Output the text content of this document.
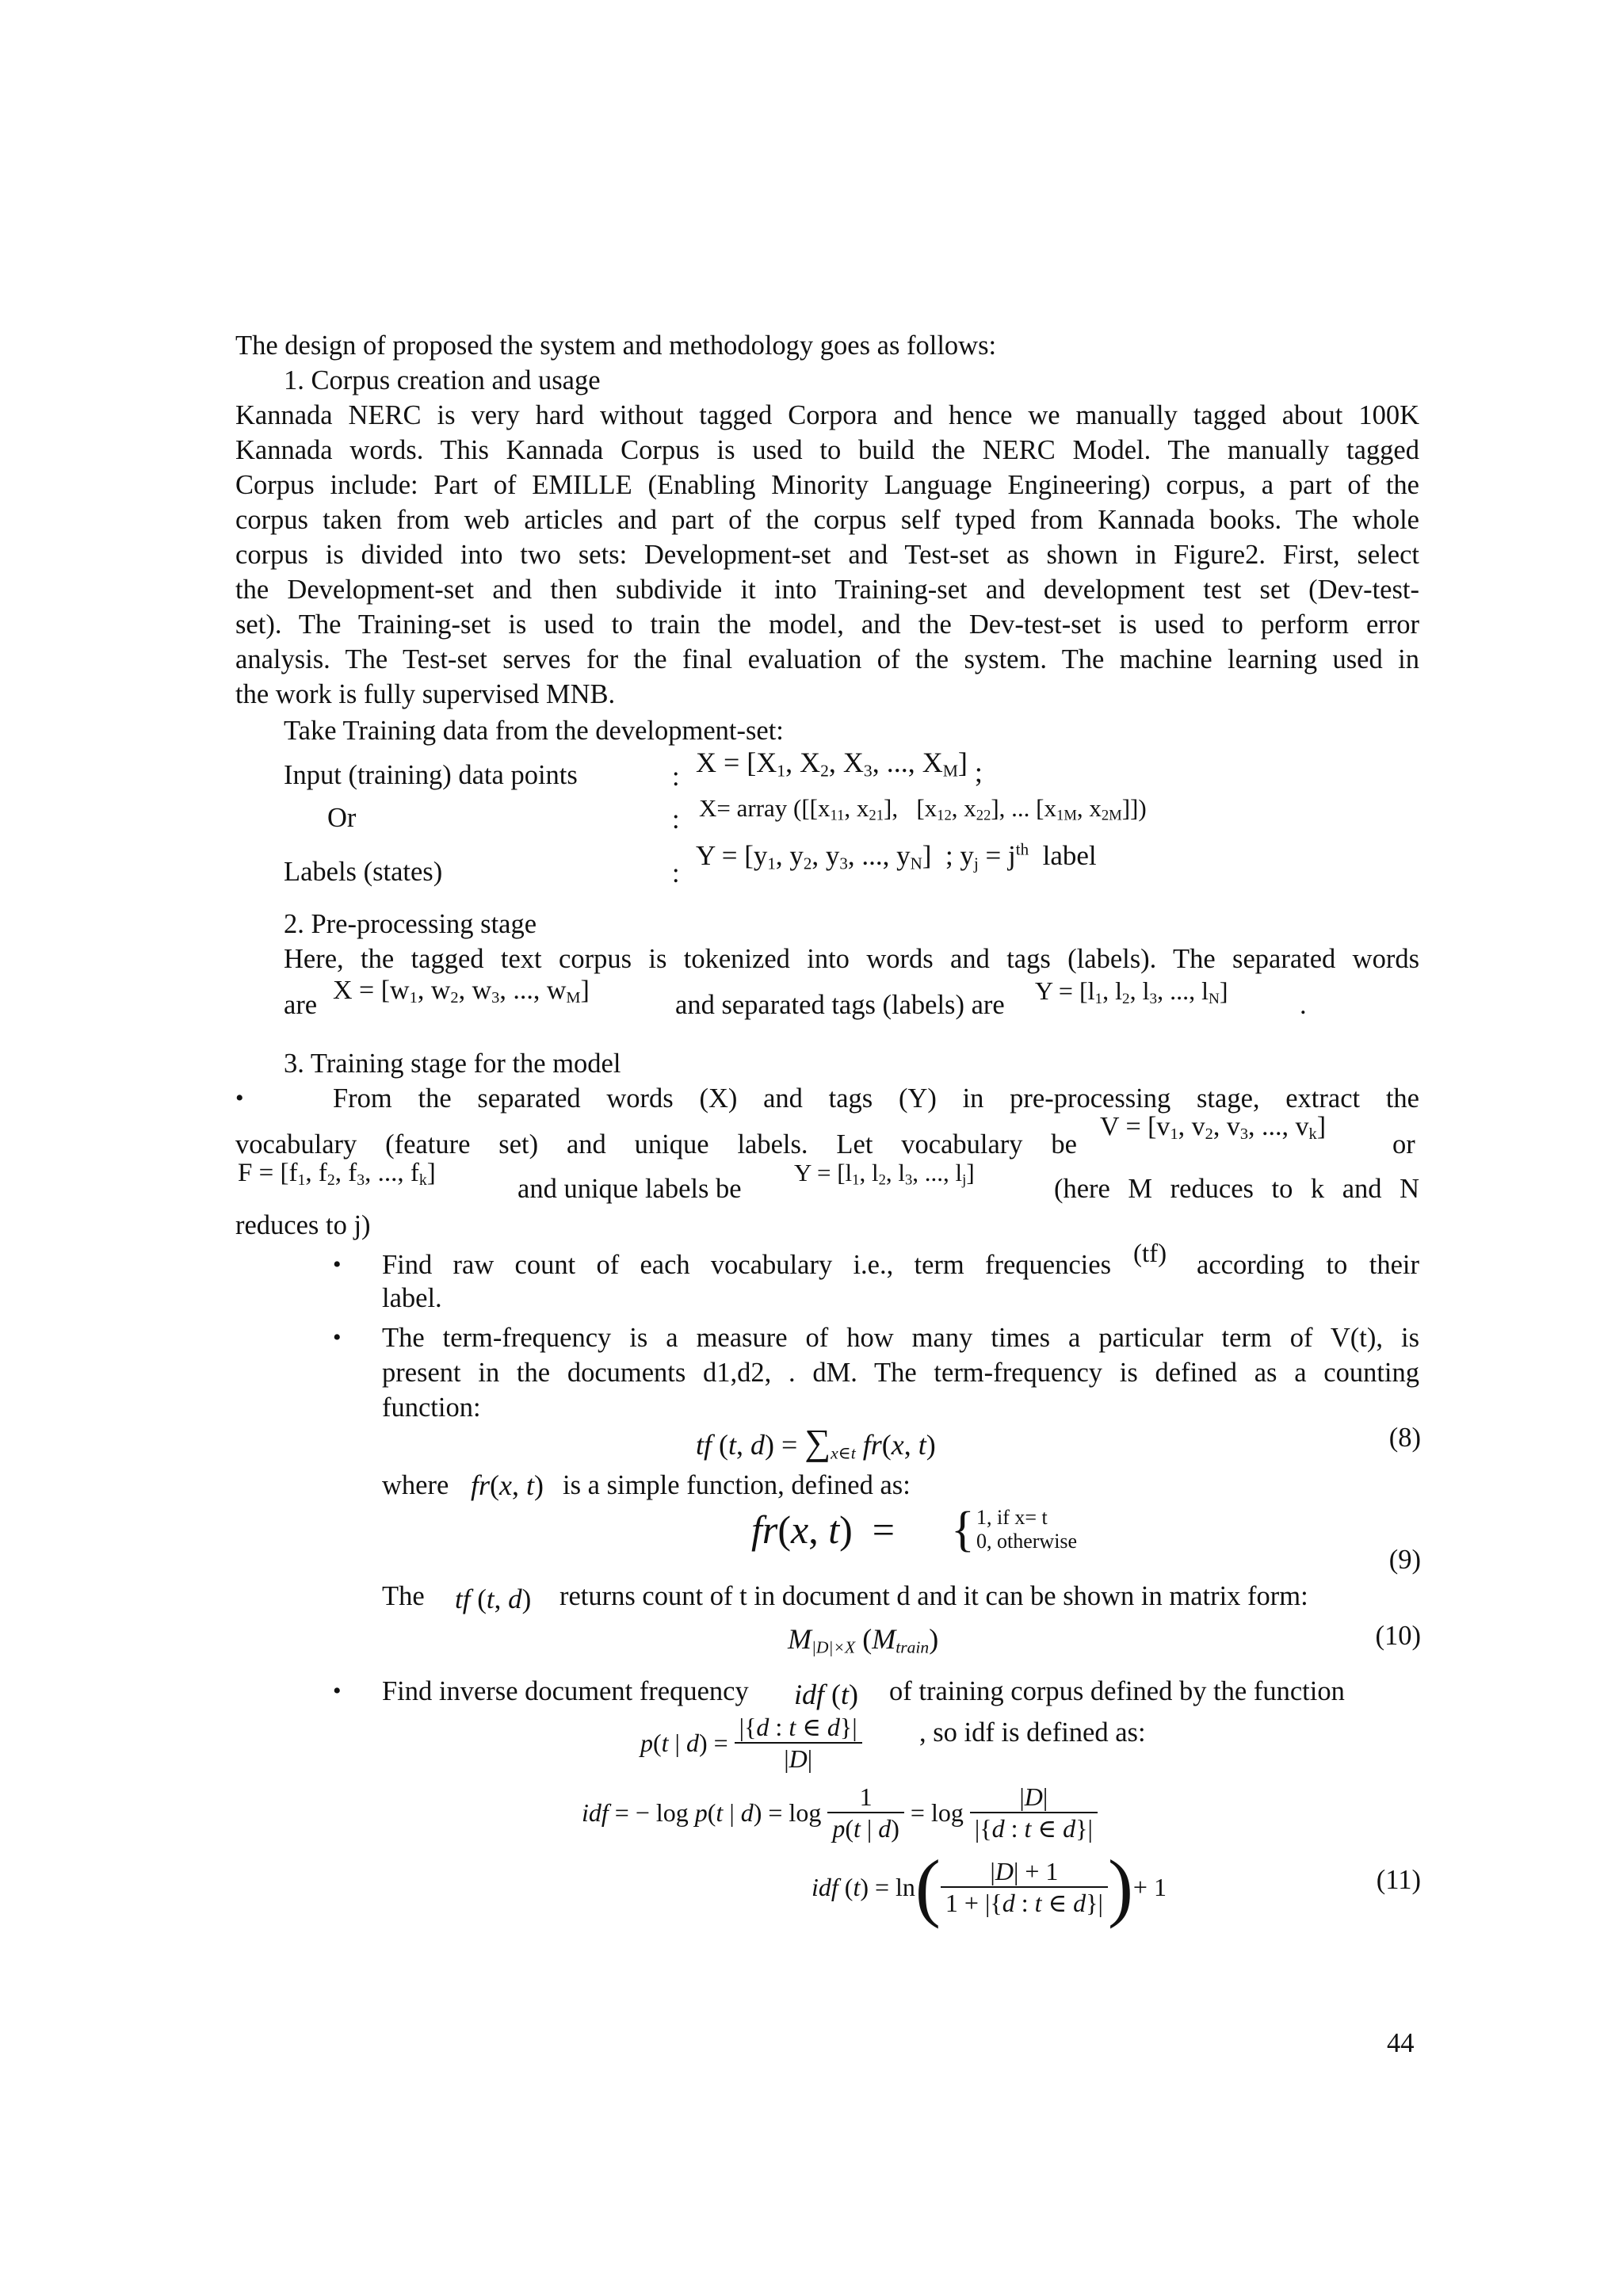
The design of proposed the system and methodology goes as follows:
1. Corpus creation and usage
Kannada NERC is very hard without tagged Corpora and hence we manually tagged about 100K
Kannada words. This Kannada Corpus is used to build the NERC Model. The manually tagged
Corpus include: Part of EMILLE (Enabling Minority Language Engineering) corpus, a part of the
corpus taken from web articles and part of the corpus self typed from Kannada books. The whole
corpus is divided into two sets: Development-set and Test-set as shown in Figure2. First, select
the Development-set and then subdivide it into Training-set and development test set (Dev-test-
set). The Training-set is used to train the model, and the Dev-test-set is used to perform error
analysis. The Test-set serves for the final evaluation of the system. The machine learning used in
the work is fully supervised MNB.
Take Training data from the development-set:
Input (training) data points	: $X = [X_1$, $X_2$, $X_3$, ..., $X_M$] ;
Or	: X= array ([[$x_{11}$, $x_{21}$],   [$x_{12}$, $x_{22}$], ... [$x_{1M}$, $x_{2M}$]])
Labels (states)	:
$Y = [y_1$, $y_2$, $y_3$, ..., $y_N$]  ; $y_j = j^{th}$  label
2. Pre-processing stage
Here, the tagged text corpus is tokenized into words and tags (labels). The separated words
are $X = [w_1$, $w_2$, $w_3$, ..., $w_M$]	and separated tags (labels) are $Y = [l_1$, $l_2$, $l_3$, ..., $l_N$]	.
3. Training stage for the model
•	From the separated words (X) and tags (Y) in pre-processing stage, extract the
vocabulary (feature set) and unique labels. Let vocabulary be
$V = [v_1$, $v_2$, $v_3$, ..., $v_k$]
or
$F = [f_1$, $f_2$, $f_3$, ..., $f_k$]
and unique labels be
$Y = [l_1$, $l_2$, $l_3$, ..., $l_j$]
(here M reduces to k and N
reduces to j)
• Find raw count of each vocabulary i.e., term frequencies (tf) according to their
label.
• The term-frequency is a measure of how many times a particular term of V(t), is
present in the documents d1,d2, . dM. The term-frequency is defined as a counting
function:
tf (t, $d) = \sum_{x\in t}$ fr(x, t)	(8)
where fr(x, t) is a simple function, defined as:
fr(x, t)  = { 1, if x= t
0, otherwise
(9)
The tf (t, d) returns count of t in document d and it can be shown in matrix form:
$M_{|D|\times X}$ $(M_{train})$	(10)
• Find inverse document frequency idf (t) of training corpus defined by the function
p(t | $d) = \frac{|\{d : t \in d\}|}{|D|}$ , so idf is defined as:
idf = − log p(t | $d) = \log \frac{1}{p(t | d)} = \log \frac{|D|}{|\{d : t \in d\}|}$
idf $(t) = \ln( \frac{|D| + 1}{1 + |\{d : t \in d\}|}$ )+ 1	(11)
44
